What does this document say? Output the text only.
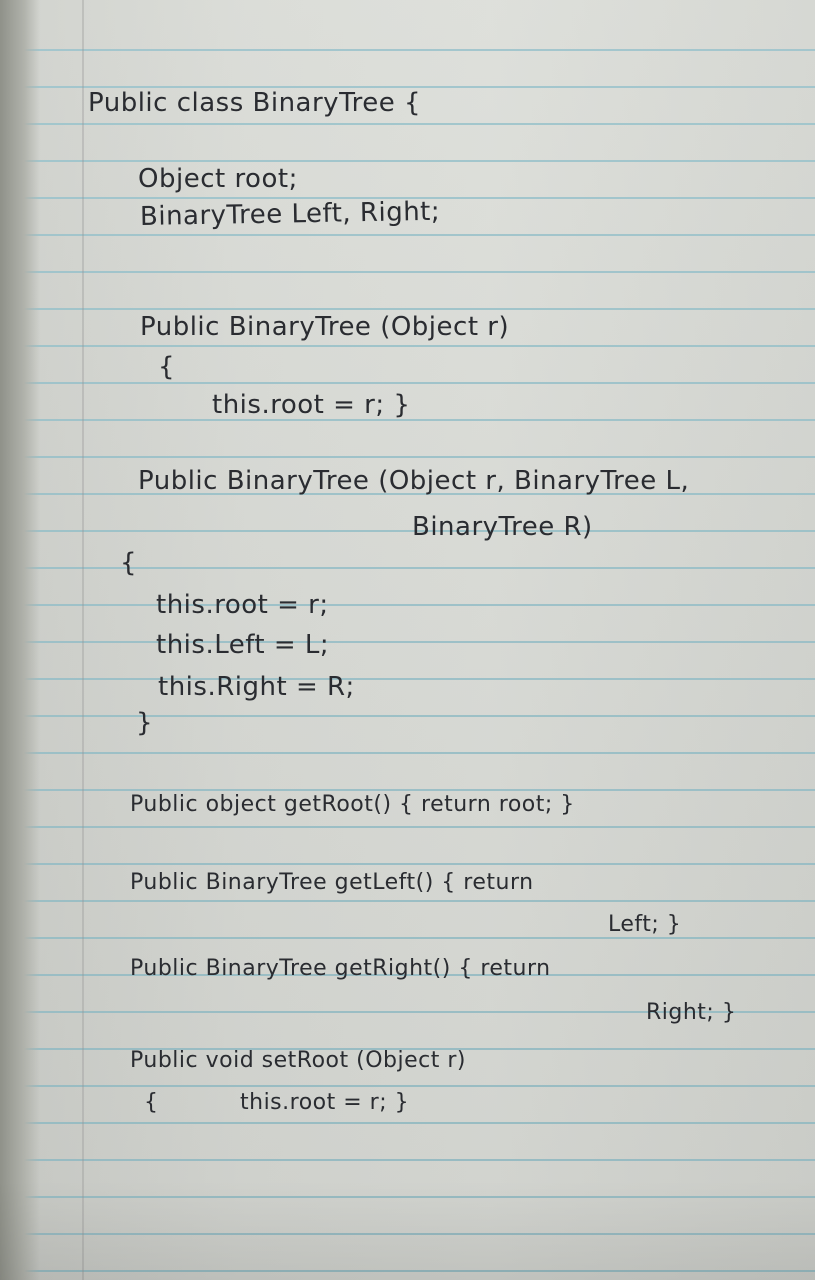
Public class BinaryTree {
Object root;
BinaryTree Left, Right;
Public BinaryTree (Object r)
{
this.root = r; }
Public BinaryTree (Object r, BinaryTree L,
BinaryTree R)
{
this.root = r;
this.Left = L;
this.Right = R;
}
Public object getRoot() { return root; }
Public BinaryTree getLeft() { return
Left; }
Public BinaryTree getRight() { return
Right; }
Public void setRoot (Object r)
{	this.root = r; }
